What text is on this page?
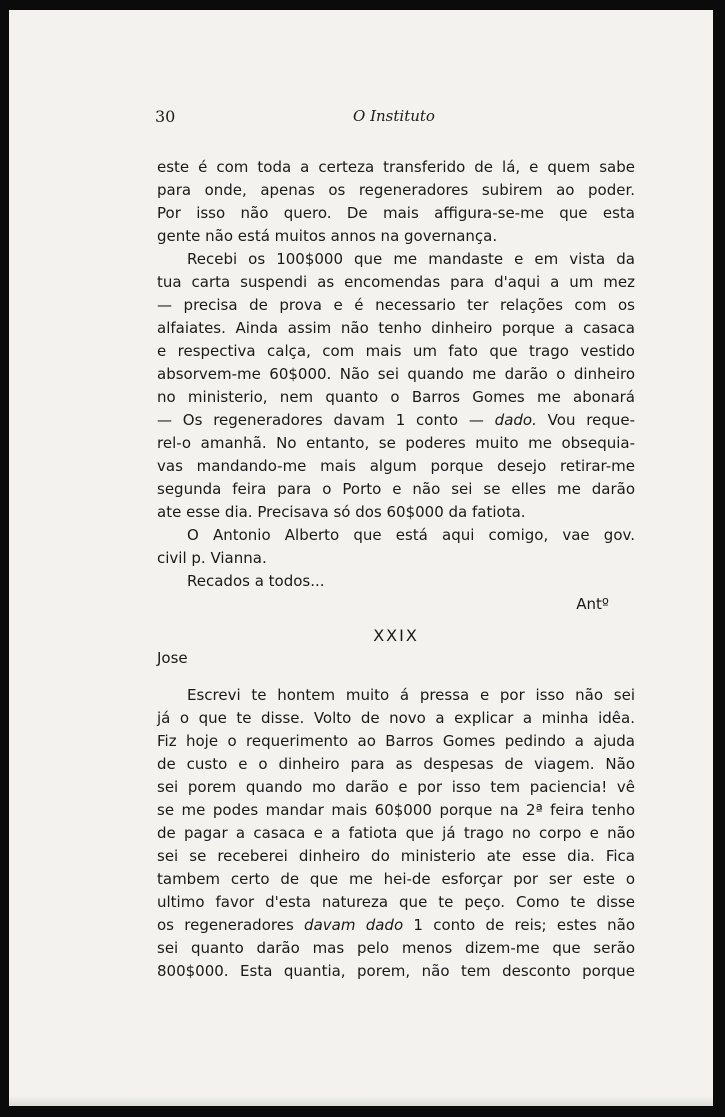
30	O Instituto
este é com toda a certeza transferido de lá, e quem sabe
para onde, apenas os regeneradores subirem ao poder.
Por isso não quero. De mais affigura-se-me que esta
gente não está muitos annos na governança.
Recebi os 100$000 que me mandaste e em vista da
tua carta suspendi as encomendas para d'aqui a um mez
— precisa de prova e é necessario ter relações com os
alfaiates. Ainda assim não tenho dinheiro porque a casaca
e respectiva calça, com mais um fato que trago vestido
absorvem-me 60$000. Não sei quando me darão o dinheiro
no ministerio, nem quanto o Barros Gomes me abonará
— Os regeneradores davam 1 conto — dado. Vou reque-
rel-o amanhã. No entanto, se poderes muito me obsequia-
vas mandando-me mais algum porque desejo retirar-me
segunda feira para o Porto e não sei se elles me darão
ate esse dia. Precisava só dos 60$000 da fatiota.
O Antonio Alberto que está aqui comigo, vae gov.
civil p. Vianna.
Recados a todos...
Antº
XXIX
Jose
Escrevi te hontem muito á pressa e por isso não sei
já o que te disse. Volto de novo a explicar a minha idêa.
Fiz hoje o requerimento ao Barros Gomes pedindo a ajuda
de custo e o dinheiro para as despesas de viagem. Não
sei porem quando mo darão e por isso tem paciencia! vê
se me podes mandar mais 60$000 porque na 2ª feira tenho
de pagar a casaca e a fatiota que já trago no corpo e não
sei se receberei dinheiro do ministerio ate esse dia. Fica
tambem certo de que me hei-de esforçar por ser este o
ultimo favor d'esta natureza que te peço. Como te disse
os regeneradores davam dado 1 conto de reis; estes não
sei quanto darão mas pelo menos dizem-me que serão
800$000. Esta quantia, porem, não tem desconto porque
